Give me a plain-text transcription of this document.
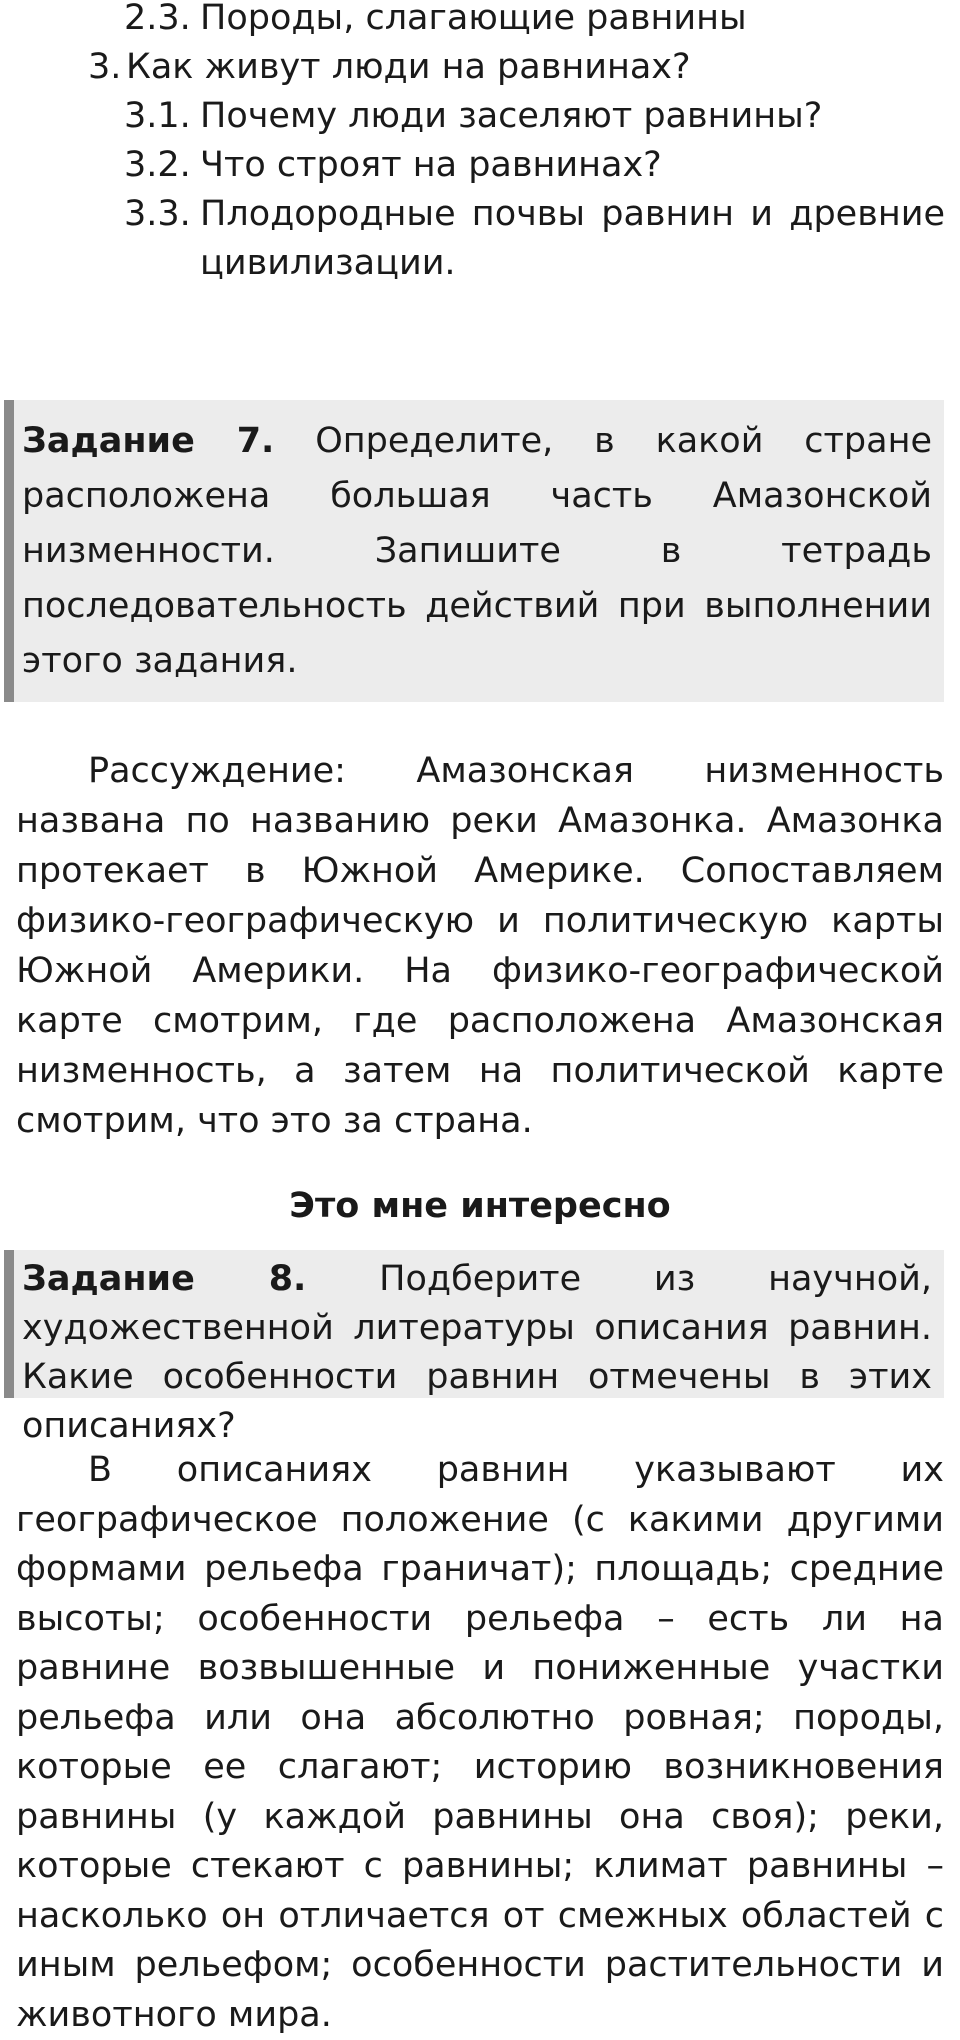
2.3. Породы, слагающие равнины
3. Как живут люди на равнинах?
3.1. Почему люди заселяют равнины?
3.2. Что строят на равнинах?
3.3. Плодородные почвы равнин и древние цивилизации.
Задание 7. Определите, в какой стране расположена большая часть Амазонской низменности. Запишите в тетрадь последовательность действий при выполнении этого задания.
Рассуждение: Амазонская низменность названа по названию реки Амазонка. Амазонка протекает в Южной Америке. Сопоставляем физико-географическую и политическую карты Южной Америки. На физико-географической карте смотрим, где расположена Амазонская низменность, а затем на политической карте смотрим, что это за страна.
Это мне интересно
Задание 8. Подберите из научной, художественной литературы описания равнин. Какие особенности равнин отмечены в этих описаниях?
В описаниях равнин указывают их географическое положение (с какими другими формами рельефа граничат); площадь; средние высоты; особенности рельефа – есть ли на равнине возвышенные и пониженные участки рельефа или она абсолютно ровная; породы, которые ее слагают; историю возникновения равнины (у каждой равнины она своя); реки, которые стекают с равнины; климат равнины – насколько он отличается от смежных областей с иным рельефом; особенности растительности и животного мира.
